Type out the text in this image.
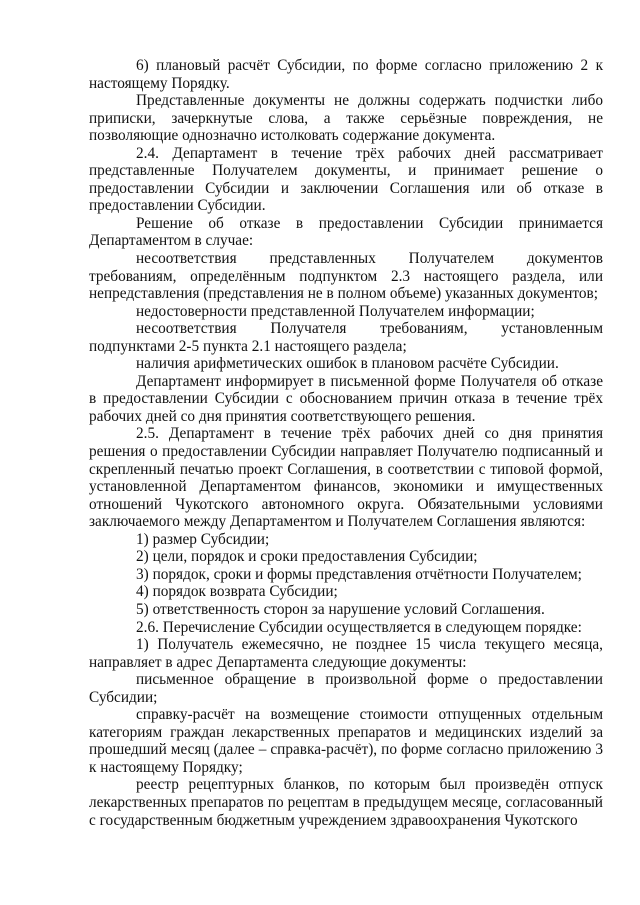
6) плановый расчёт Субсидии, по форме согласно приложению 2 к настоящему Порядку.

Представленные документы не должны содержать подчистки либо приписки, зачеркнутые слова, а также серьёзные повреждения, не позволяющие однозначно истолковать содержание документа.

2.4. Департамент в течение трёх рабочих дней рассматривает представленные Получателем документы, и принимает решение о предоставлении Субсидии и заключении Соглашения или об отказе в предоставлении Субсидии.

Решение об отказе в предоставлении Субсидии принимается Департаментом в случае:

несоответствия представленных Получателем документов требованиям, определённым подпунктом 2.3 настоящего раздела, или непредставления (представления не в полном объеме) указанных документов;

недостоверности представленной Получателем информации;

несоответствия Получателя требованиям, установленным подпунктами 2-5 пункта 2.1 настоящего раздела;

наличия арифметических ошибок в плановом расчёте Субсидии.

Департамент информирует в письменной форме Получателя об отказе в предоставлении Субсидии с обоснованием причин отказа в течение трёх рабочих дней со дня принятия соответствующего решения.

2.5. Департамент в течение трёх рабочих дней со дня принятия решения о предоставлении Субсидии направляет Получателю подписанный и скрепленный печатью проект Соглашения, в соответствии с типовой формой, установленной Департаментом финансов, экономики и имущественных отношений Чукотского автономного округа. Обязательными условиями заключаемого между Департаментом и Получателем Соглашения являются:

1) размер Субсидии;

2) цели, порядок и сроки предоставления Субсидии;

3) порядок, сроки и формы представления отчётности Получателем;

4) порядок возврата Субсидии;

5) ответственность сторон за нарушение условий Соглашения.

2.6. Перечисление Субсидии осуществляется в следующем порядке:

1) Получатель ежемесячно, не позднее 15 числа текущего месяца, направляет в адрес Департамента следующие документы:

письменное обращение в произвольной форме о предоставлении Субсидии;

справку-расчёт на возмещение стоимости отпущенных отдельным категориям граждан лекарственных препаратов и медицинских изделий за прошедший месяц (далее – справка-расчёт), по форме согласно приложению 3 к настоящему Порядку;

реестр рецептурных бланков, по которым был произведён отпуск лекарственных препаратов по рецептам в предыдущем месяце, согласованный с государственным бюджетным учреждением здравоохранения Чукотского
